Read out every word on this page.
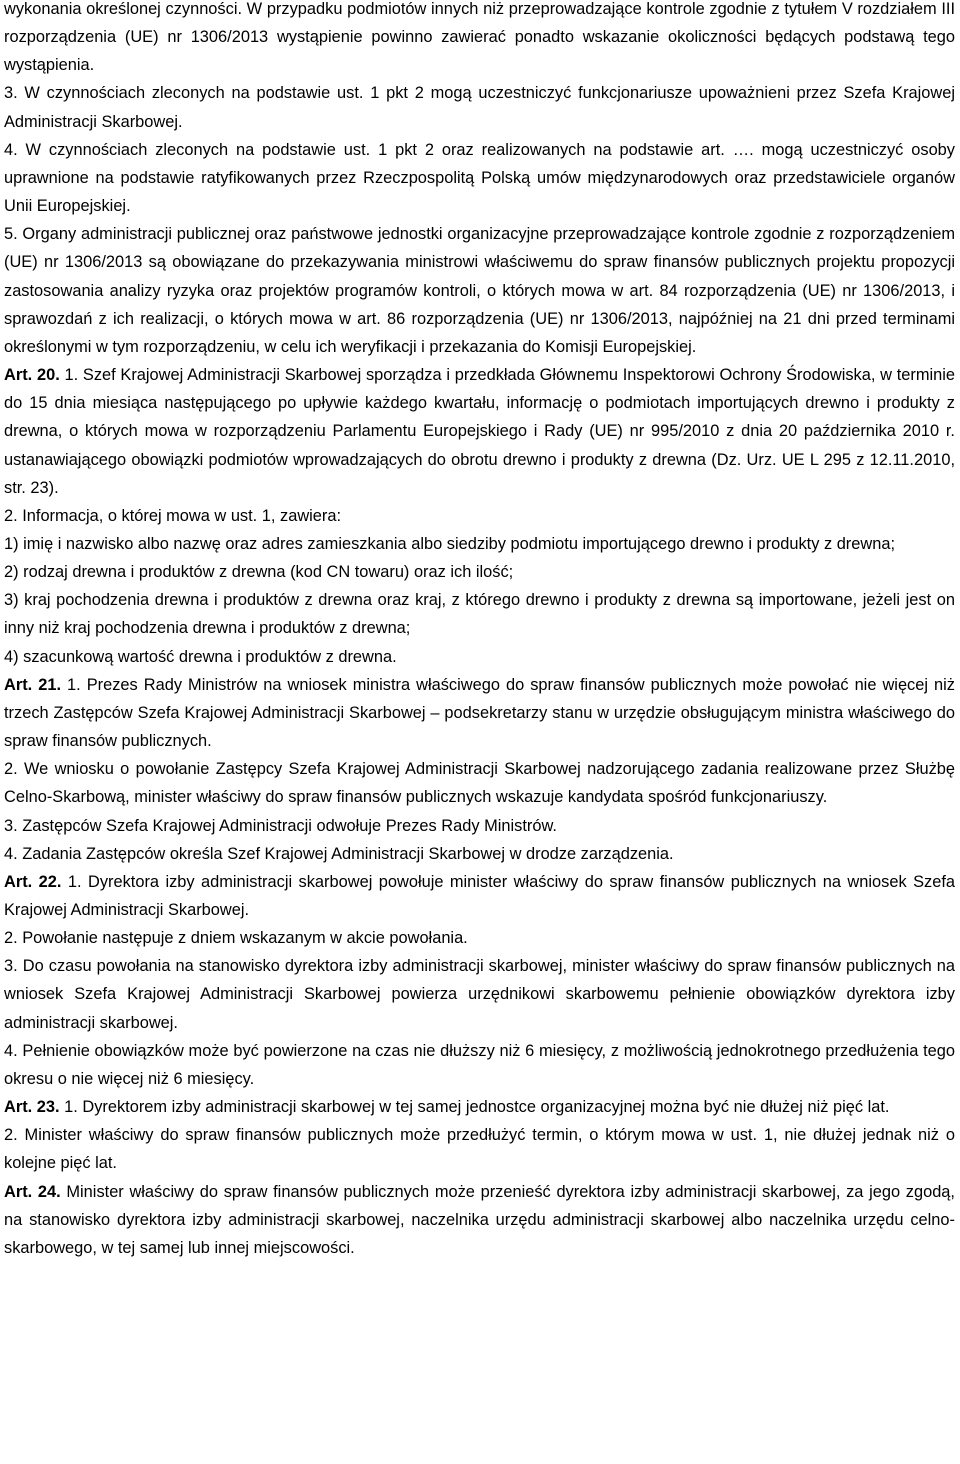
wykonania określonej czynności. W przypadku podmiotów innych niż przeprowadzające kontrole zgodnie z tytułem V rozdziałem III rozporządzenia (UE) nr 1306/2013 wystąpienie powinno zawierać ponadto wskazanie okoliczności będących podstawą tego wystąpienia.

3. W czynnościach zleconych na podstawie ust. 1 pkt 2 mogą uczestniczyć funkcjonariusze upoważnieni przez Szefa Krajowej Administracji Skarbowej.

4. W czynnościach zleconych na podstawie ust. 1 pkt 2 oraz realizowanych na podstawie art. …. mogą uczestniczyć osoby uprawnione na podstawie ratyfikowanych przez Rzeczpospolitą Polską umów międzynarodowych oraz przedstawiciele organów Unii Europejskiej.

5. Organy administracji publicznej oraz państwowe jednostki organizacyjne przeprowadzające kontrole zgodnie z rozporządzeniem (UE) nr 1306/2013 są obowiązane do przekazywania ministrowi właściwemu do spraw finansów publicznych projektu propozycji zastosowania analizy ryzyka oraz projektów programów kontroli, o których mowa w art. 84 rozporządzenia (UE) nr 1306/2013, i sprawozdań z ich realizacji, o których mowa w art. 86 rozporządzenia (UE) nr 1306/2013, najpóźniej na 21 dni przed terminami określonymi w tym rozporządzeniu, w celu ich weryfikacji i przekazania do Komisji Europejskiej.

Art. 20. 1. Szef Krajowej Administracji Skarbowej sporządza i przedkłada Głównemu Inspektorowi Ochrony Środowiska, w terminie do 15 dnia miesiąca następującego po upływie każdego kwartału, informację o podmiotach importujących drewno i produkty z drewna, o których mowa w rozporządzeniu Parlamentu Europejskiego i Rady (UE) nr 995/2010 z dnia 20 października 2010 r. ustanawiającego obowiązki podmiotów wprowadzających do obrotu drewno i produkty z drewna (Dz. Urz. UE L 295 z 12.11.2010, str. 23).

2. Informacja, o której mowa w ust. 1, zawiera:

1) imię i nazwisko albo nazwę oraz adres zamieszkania albo siedziby podmiotu importującego drewno i produkty z drewna;

2) rodzaj drewna i produktów z drewna (kod CN towaru) oraz ich ilość;

3) kraj pochodzenia drewna i produktów z drewna oraz kraj, z którego drewno i produkty z drewna są importowane, jeżeli jest on inny niż kraj pochodzenia drewna i produktów z drewna;

4) szacunkową wartość drewna i produktów z drewna.

Art. 21. 1. Prezes Rady Ministrów na wniosek ministra właściwego do spraw finansów publicznych może powołać nie więcej niż trzech Zastępców Szefa Krajowej Administracji Skarbowej – podsekretarzy stanu w urzędzie obsługującym ministra właściwego do spraw finansów publicznych.

2. We wniosku o powołanie Zastępcy Szefa Krajowej Administracji Skarbowej nadzorującego zadania realizowane przez Służbę Celno-Skarbową, minister właściwy do spraw finansów publicznych wskazuje kandydata spośród funkcjonariuszy.

3. Zastępców Szefa Krajowej Administracji odwołuje Prezes Rady Ministrów.

4. Zadania Zastępców określa Szef Krajowej Administracji Skarbowej w drodze zarządzenia.

Art. 22. 1. Dyrektora izby administracji skarbowej powołuje minister właściwy do spraw finansów publicznych na wniosek Szefa Krajowej Administracji Skarbowej.

2. Powołanie następuje z dniem wskazanym w akcie powołania.

3. Do czasu powołania na stanowisko dyrektora izby administracji skarbowej, minister właściwy do spraw finansów publicznych na wniosek Szefa Krajowej Administracji Skarbowej powierza urzędnikowi skarbowemu pełnienie obowiązków dyrektora izby administracji skarbowej.

4. Pełnienie obowiązków może być powierzone na czas nie dłuższy niż 6 miesięcy, z możliwością jednokrotnego przedłużenia tego okresu o nie więcej niż 6 miesięcy.

Art. 23. 1. Dyrektorem izby administracji skarbowej w tej samej jednostce organizacyjnej można być nie dłużej niż pięć lat.

2. Minister właściwy do spraw finansów publicznych może przedłużyć termin, o którym mowa w ust. 1, nie dłużej jednak niż o kolejne pięć lat.

Art. 24. Minister właściwy do spraw finansów publicznych może przenieść dyrektora izby administracji skarbowej, za jego zgodą, na stanowisko dyrektora izby administracji skarbowej, naczelnika urzędu administracji skarbowej albo naczelnika urzędu celno-skarbowego, w tej samej lub innej miejscowości.
